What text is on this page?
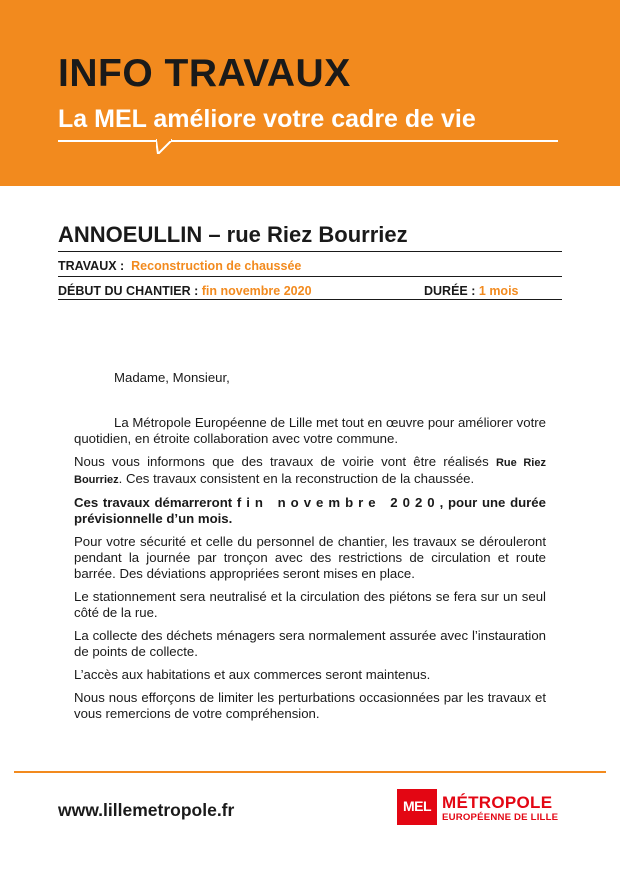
INFO TRAVAUX
La MEL améliore votre cadre de vie
ANNOEULLIN – rue Riez Bourriez
TRAVAUX : Reconstruction de chaussée
DÉBUT DU CHANTIER : fin novembre 2020	DURÉE : 1 mois
Madame, Monsieur,

La Métropole Européenne de Lille met tout en œuvre pour améliorer votre quotidien, en étroite collaboration avec votre commune.

Nous vous informons que des travaux de voirie vont être réalisés Rue Riez Bourriez. Ces travaux consistent en la reconstruction de la chaussée.

Ces travaux démarreront fin novembre 2020, pour une durée prévisionnelle d’un mois.

Pour votre sécurité et celle du personnel de chantier, les travaux se dérouleront pendant la journée par tronçon avec des restrictions de circulation et route barrée. Des déviations appropriées seront mises en place.

Le stationnement sera neutralisé et la circulation des piétons se fera sur un seul côté de la rue.

La collecte des déchets ménagers sera normalement assurée avec l’instauration de points de collecte.

L’accès aux habitations et aux commerces seront maintenus.

Nous nous efforçons de limiter les perturbations occasionnées par les travaux et vous remercions de votre compréhension.

www.lillemetropole.fr	MEL MÉTROPOLE
EUROPÉENNE DE LILLE
